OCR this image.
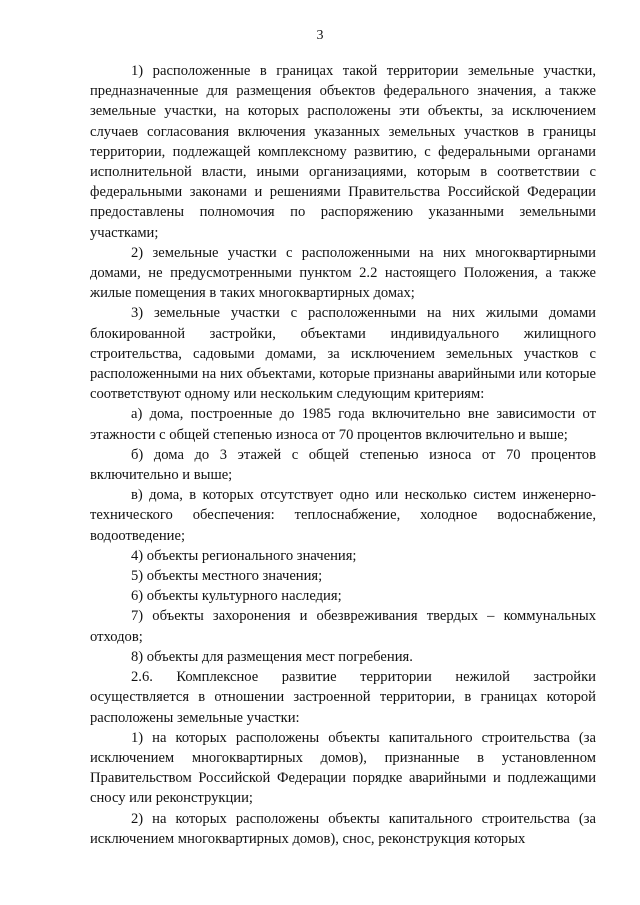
3

1) расположенные в границах такой территории земельные участки, предназначенные для размещения объектов федерального значения, а также земельные участки, на которых расположены эти объекты, за исключением случаев согласования включения указанных земельных участков в границы территории, подлежащей комплексному развитию, с федеральными органами исполнительной власти, иными организациями, которым в соответствии с федеральными законами и решениями Правительства Российской Федерации предоставлены полномочия по распоряжению указанными земельными участками;

2) земельные участки с расположенными на них многоквартирными домами, не предусмотренными пунктом 2.2 настоящего Положения, а также жилые помещения в таких многоквартирных домах;

3) земельные участки с расположенными на них жилыми домами блокированной застройки, объектами индивидуального жилищного строительства, садовыми домами, за исключением земельных участков с расположенными на них объектами, которые признаны аварийными или которые соответствуют одному или нескольким следующим критериям:

а) дома, построенные до 1985 года включительно вне зависимости от этажности с общей степенью износа от 70 процентов включительно и выше;

б) дома до 3 этажей с общей степенью износа от 70 процентов включительно и выше;

в) дома, в которых отсутствует одно или несколько систем инженерно-технического обеспечения: теплоснабжение, холодное водоснабжение, водоотведение;

4) объекты регионального значения;

5) объекты местного значения;

6) объекты культурного наследия;

7) объекты захоронения и обезвреживания твердых – коммунальных отходов;

8) объекты для размещения мест погребения.

2.6. Комплексное развитие территории нежилой застройки осуществляется в отношении застроенной территории, в границах которой расположены земельные участки:

1) на которых расположены объекты капитального строительства (за исключением многоквартирных домов), признанные в установленном Правительством Российской Федерации порядке аварийными и подлежащими сносу или реконструкции;

2) на которых расположены объекты капитального строительства (за исключением многоквартирных домов), снос, реконструкция которых
